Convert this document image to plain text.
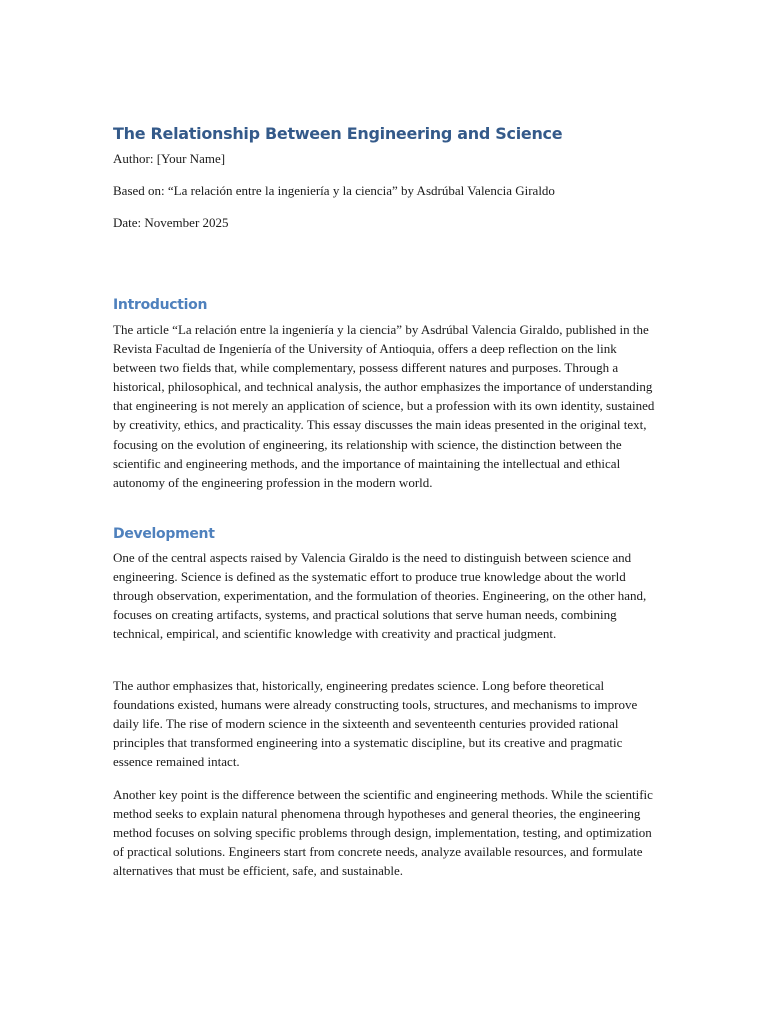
The Relationship Between Engineering and Science

Author: [Your Name]

Based on: “La relación entre la ingeniería y la ciencia” by Asdrúbal Valencia Giraldo

Date: November 2025

Introduction

The article “La relación entre la ingeniería y la ciencia” by Asdrúbal Valencia Giraldo, published in the Revista Facultad de Ingeniería of the University of Antioquia, offers a deep reflection on the link between two fields that, while complementary, possess different natures and purposes. Through a historical, philosophical, and technical analysis, the author emphasizes the importance of understanding that engineering is not merely an application of science, but a profession with its own identity, sustained by creativity, ethics, and practicality. This essay discusses the main ideas presented in the original text, focusing on the evolution of engineering, its relationship with science, the distinction between the scientific and engineering methods, and the importance of maintaining the intellectual and ethical autonomy of the engineering profession in the modern world.

Development

One of the central aspects raised by Valencia Giraldo is the need to distinguish between science and engineering. Science is defined as the systematic effort to produce true knowledge about the world through observation, experimentation, and the formulation of theories. Engineering, on the other hand, focuses on creating artifacts, systems, and practical solutions that serve human needs, combining technical, empirical, and scientific knowledge with creativity and practical judgment.

The author emphasizes that, historically, engineering predates science. Long before theoretical foundations existed, humans were already constructing tools, structures, and mechanisms to improve daily life. The rise of modern science in the sixteenth and seventeenth centuries provided rational principles that transformed engineering into a systematic discipline, but its creative and pragmatic essence remained intact.

Another key point is the difference between the scientific and engineering methods. While the scientific method seeks to explain natural phenomena through hypotheses and general theories, the engineering method focuses on solving specific problems through design, implementation, testing, and optimization of practical solutions. Engineers start from concrete needs, analyze available resources, and formulate alternatives that must be efficient, safe, and sustainable.
